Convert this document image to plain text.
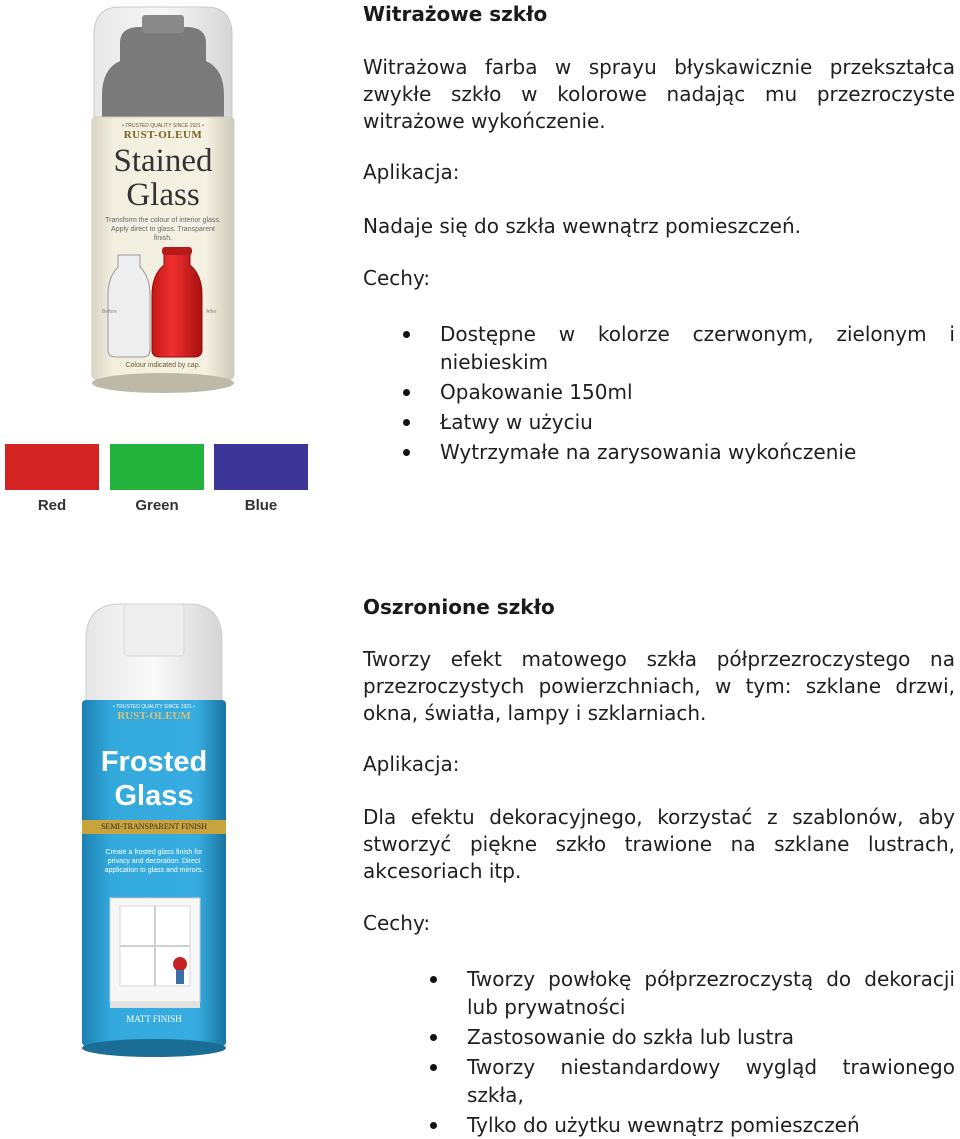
• TRUSTED QUALITY SINCE 1921 •
RUST-OLEUM
Stained
Glass
Transform the colour of interior glass. Apply direct to glass. Transparent finish.
Before	After
Colour indicated by cap.
Red	Green	Blue
Witrażowe szkło
Witrażowa farba w sprayu błyskawicznie przekształca zwykłe szkło w kolorowe nadając mu przezroczyste witrażowe wykończenie.
Aplikacja:
Nadaje się do szkła wewnątrz pomieszczeń.
Cechy:
Dostępne w kolorze czerwonym, zielonym i niebieskim
Opakowanie 150ml
Łatwy w użyciu
Wytrzymałe na zarysowania wykończenie
• TRUSTED QUALITY SINCE 1921 •
RUST-OLEUM
Frosted
Glass
SEMI-TRANSPARENT FINISH
Create a frosted glass finish for privacy and decoration. Direct application to glass and mirrors.
MATT FINISH
Oszronione szkło
Tworzy efekt matowego szkła półprzezroczystego na przezroczystych powierzchniach, w tym: szklane drzwi, okna, światła, lampy i szklarniach.
Aplikacja:
Dla efektu dekoracyjnego, korzystać z szablonów, aby stworzyć piękne szkło trawione na szklane lustrach, akcesoriach itp.
Cechy:
Tworzy powłokę półprzezroczystą do dekoracji lub prywatności
Zastosowanie do szkła lub lustra
Tworzy niestandardowy wygląd trawionego szkła,
Tylko do użytku wewnątrz pomieszczeń
